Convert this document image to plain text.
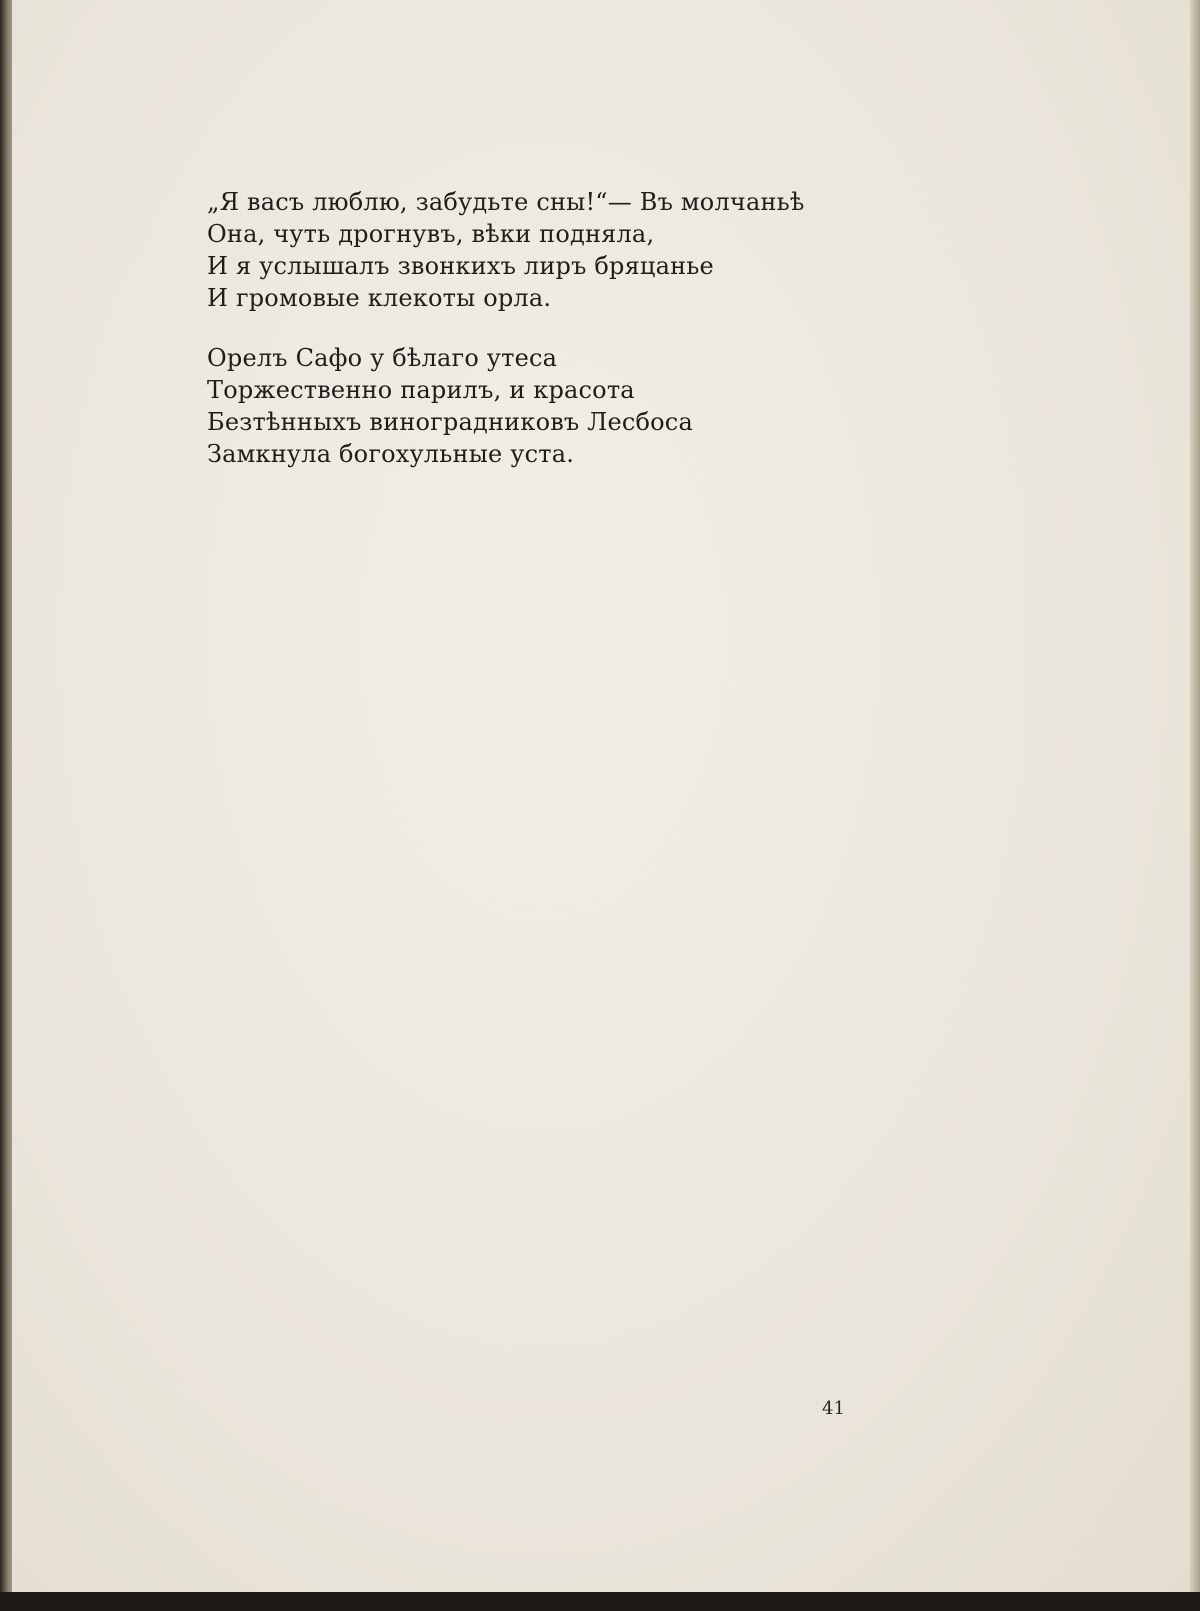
„Я васъ люблю, забудьте сны!“— Въ молчаньѣ
Она, чуть дрогнувъ, вѣки подняла,
И я услышалъ звонкихъ лиръ бряцанье
И громовые клекоты орла.
Орелъ Сафо у бѣлаго утеса
Торжественно парилъ, и красота
Безтѣнныхъ виноградниковъ Лесбоса
Замкнула богохульные уста.
41
